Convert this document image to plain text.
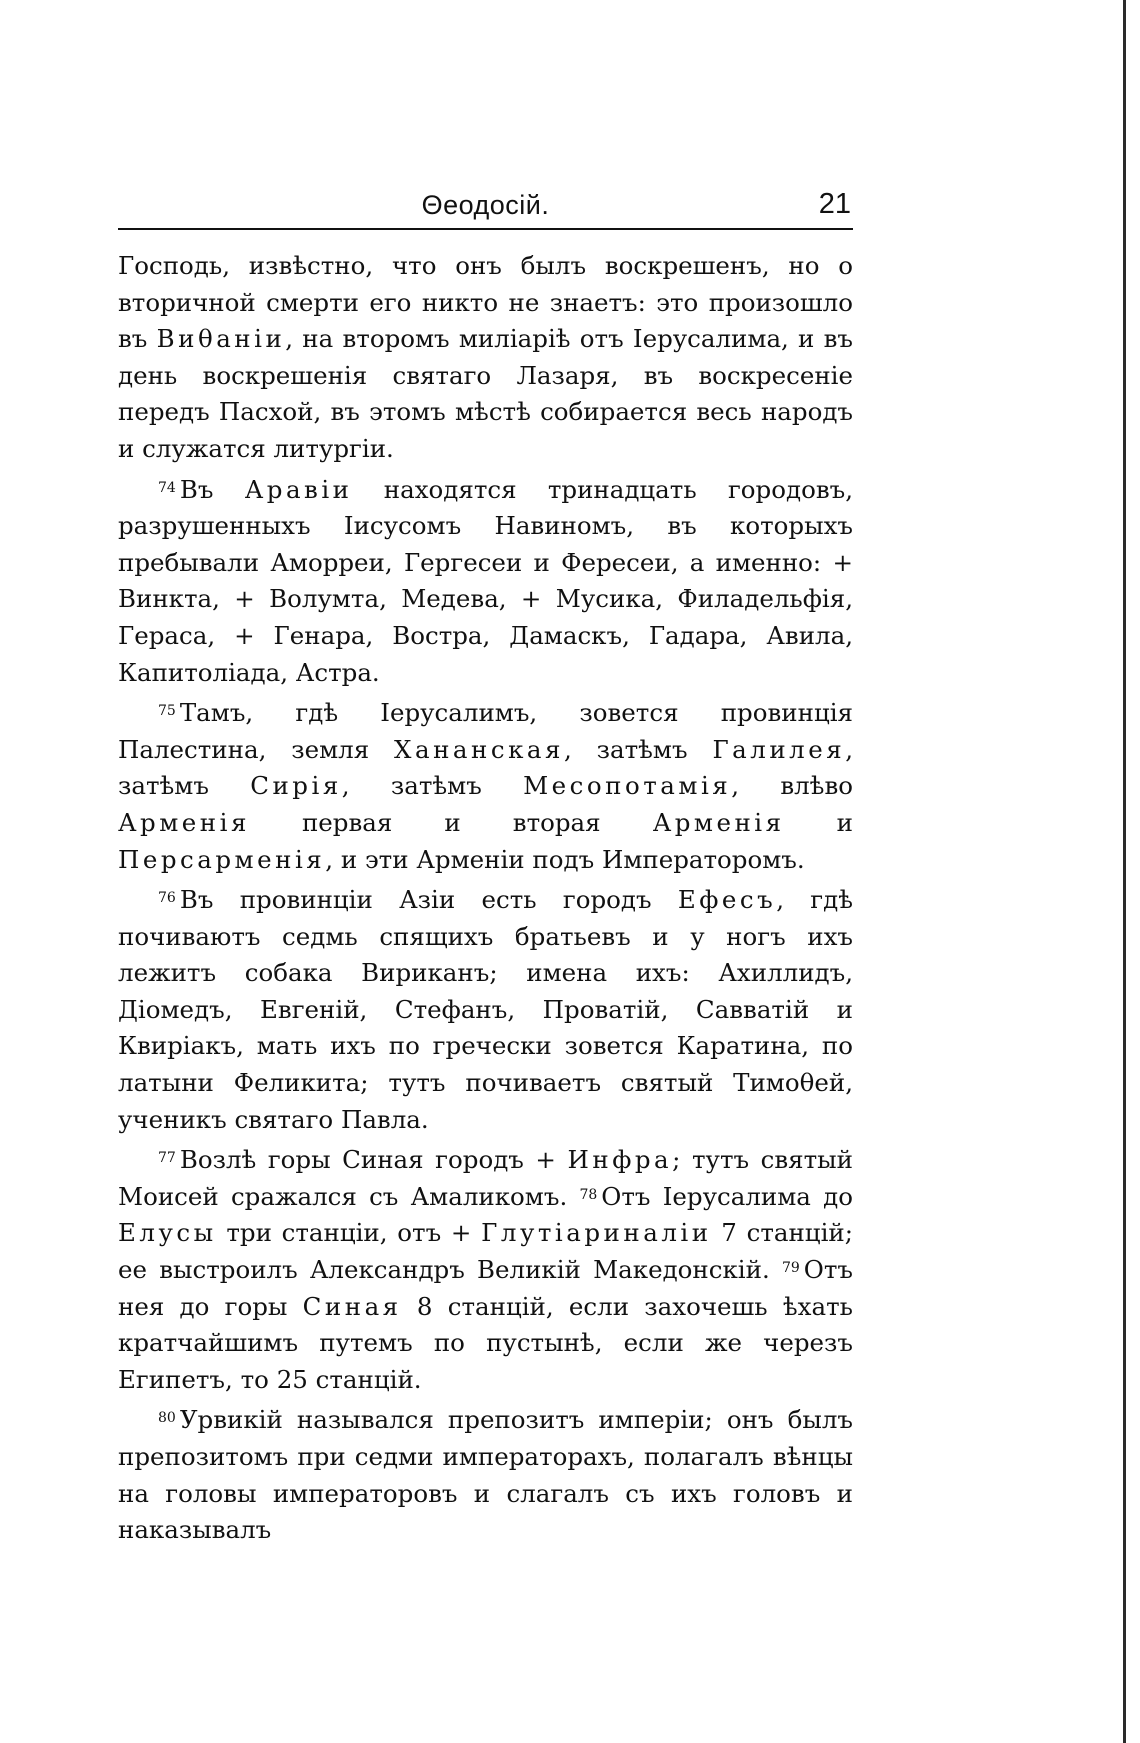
Θеодосій.	21

Господь, извѣстно, что онъ былъ воскрешенъ, но о вторичной смерти его никто не знаетъ: это произошло въ Виθаніи, на второмъ миліаріѣ отъ Іерусалима, и въ день воскрешенія святаго Лазаря, въ воскресеніе передъ Пасхой, въ этомъ мѣстѣ собирается весь народъ и служатся литургіи.

$^{74}$ Въ Аравіи находятся тринадцать городовъ, разрушенныхъ Іисусомъ Навиномъ, въ которыхъ пребывали Аморреи, Гергесеи и Ферeсеи, а именно: + Винкта, + Волумта, Медева, + Мусика, Филадельфія, Гераса, + Генара, Востра, Дамаскъ, Гадара, Авила, Капитоліада, Астра.

$^{75}$ Тамъ, гдѣ Іерусалимъ, зовется провинція Палестина, земля Хананская, затѣмъ Галилея, затѣмъ Сирія, затѣмъ Месопотамія, влѣво Арменія первая и вторая Арменія и Персарменія, и эти Арменіи подъ Императоромъ.

$^{76}$ Въ провинціи Азіи есть городъ Ефесъ, гдѣ почиваютъ седмь спящихъ братьевъ и у ногъ ихъ лежитъ собака Вириканъ; имена ихъ: Ахиллидъ, Діомедъ, Евгеній, Стефанъ, Проватій, Савватій и Квиріакъ, мать ихъ по гречески зовется Каратина, по латыни Феликита; тутъ почиваетъ святый Тимоθей, ученикъ святаго Павла.

$^{77}$ Возлѣ горы Синая городъ + Инфра; тутъ святый Моисей сражался съ Амаликомъ. $^{78}$ Отъ Іерусалима до Елусы три станціи, отъ + Глутіариналіи 7 станцій; ее выстроилъ Александръ Великій Македонскій. $^{79}$ Отъ нея до горы Синая 8 станцій, если захочешь ѣхать кратчайшимъ путемъ по пустынѣ, если же черезъ Египетъ, то 25 станцій.

$^{80}$ Урвикій назывался препозитъ имперіи; онъ былъ препозитомъ при седми императорахъ, полагалъ вѣнцы на головы императоровъ и слагалъ съ ихъ головъ и наказывалъ
